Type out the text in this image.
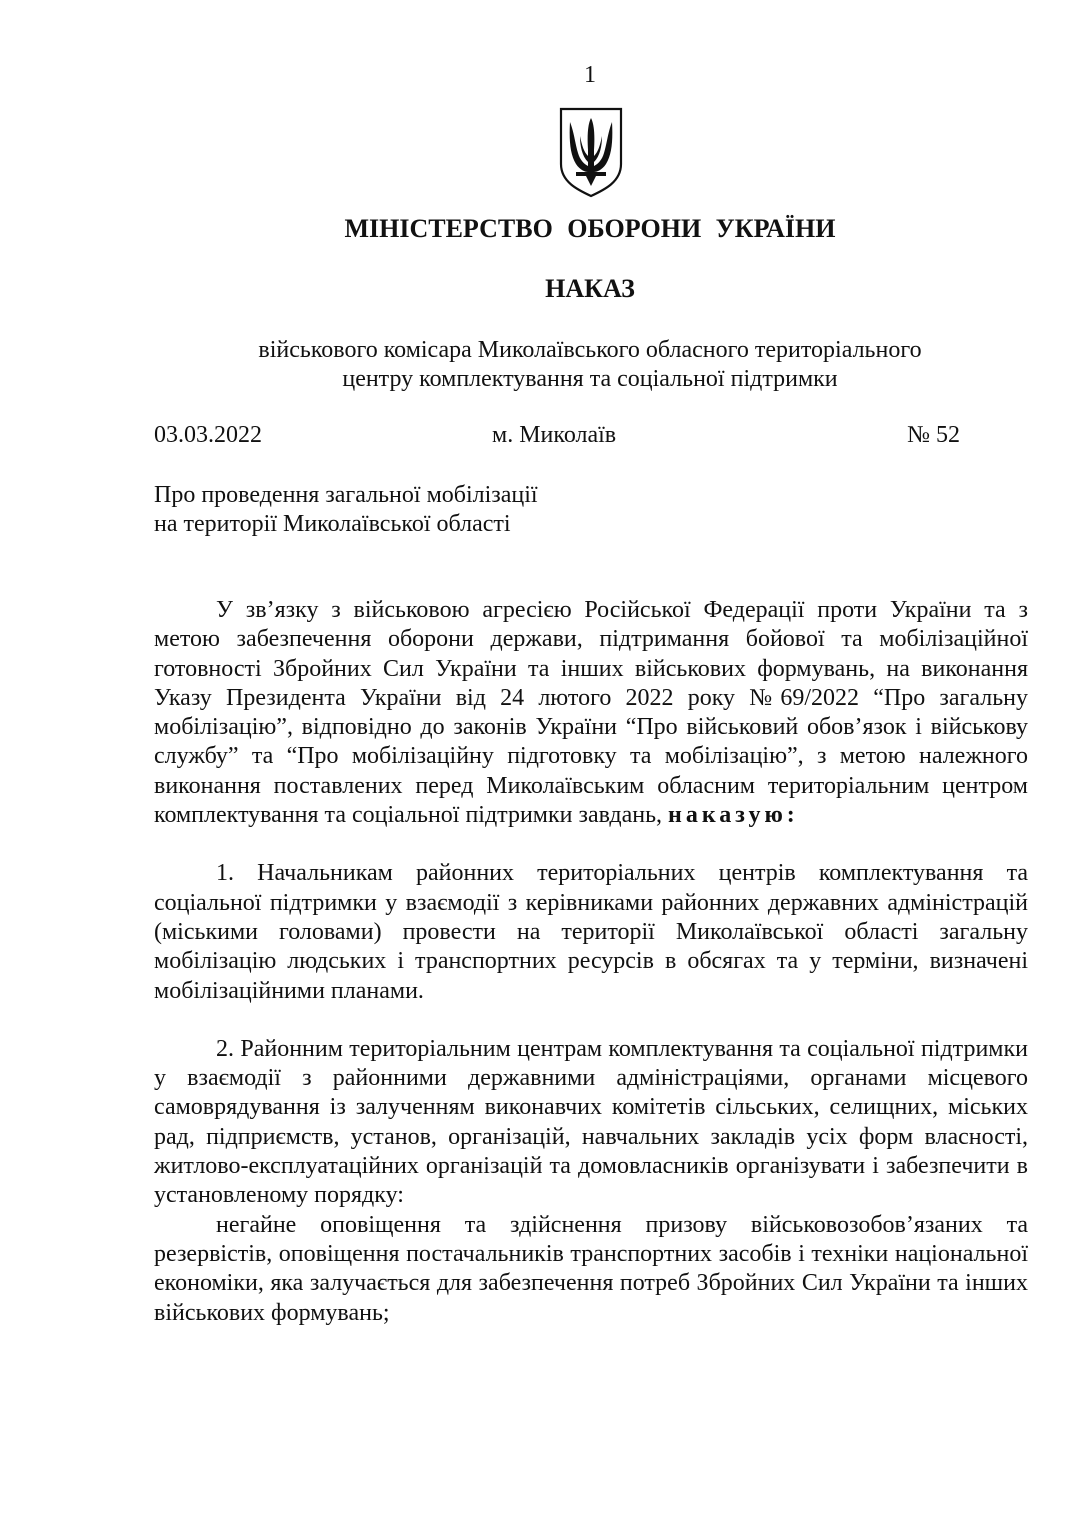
1
МІНІСТЕРСТВО ОБОРОНИ УКРАЇНИ
НАКАЗ
військового комісара Миколаївського обласного територіального
центру комплектування та соціальної підтримки
03.03.2022	м. Миколаїв	№ 52
Про проведення загальної мобілізації
на території Миколаївської області

У зв’язку з військовою агресією Російської Федерації проти України та з метою забезпечення оборони держави, підтримання бойової та мобілізаційної готовності Збройних Сил України та інших військових формувань, на виконання Указу Президента України від 24 лютого 2022 року №69/2022 “Про загальну мобілізацію”, відповідно до законів України “Про військовий обов’язок і військову службу” та “Про мобілізаційну підготовку та мобілізацію”, з метою належного виконання поставлених перед Миколаївським обласним територіальним центром комплектування та соціальної підтримки завдань, наказую:

1. Начальникам районних територіальних центрів комплектування та соціальної підтримки у взаємодії з керівниками районних державних адміністрацій (міськими головами) провести на території Миколаївської області загальну мобілізацію людських і транспортних ресурсів в обсягах та у терміни, визначені мобілізаційними планами.

2. Районним територіальним центрам комплектування та соціальної підтримки у взаємодії з районними державними адміністраціями, органами місцевого самоврядування із залученням виконавчих комітетів сільських, селищних, міських рад, підприємств, установ, організацій, навчальних закладів усіх форм власності, житлово-експлуатаційних організацій та домовласників організувати і забезпечити в установленому порядку:

негайне оповіщення та здійснення призову військовозобов’язаних та резервістів, оповіщення постачальників транспортних засобів і техніки національної економіки, яка залучається для забезпечення потреб Збройних Сил України та інших військових формувань;
